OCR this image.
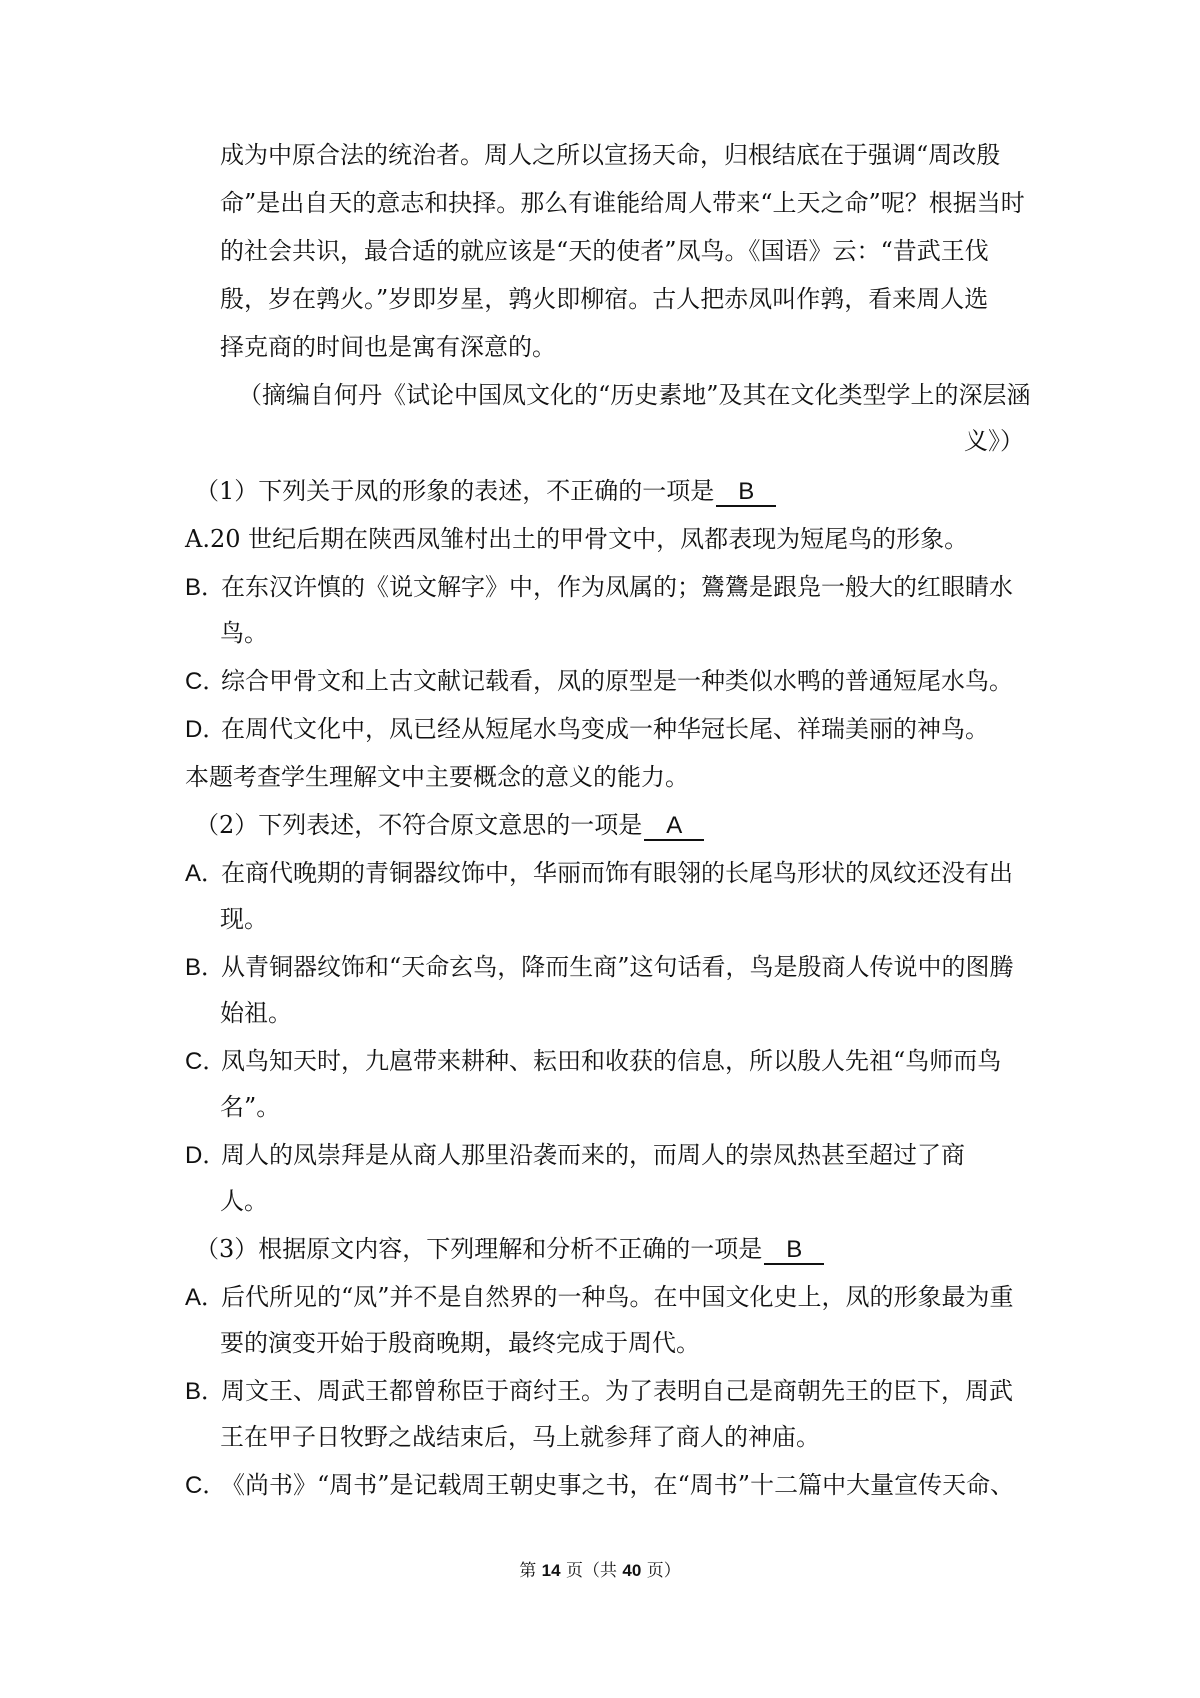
成为中原合法的统治者。周人之所以宣扬天命，归根结底在于强调“周改殷
命”是出自天的意志和抉择。那么有谁能给周人带来“上天之命”呢？根据当时
的社会共识，最合适的就应该是“天的使者”凤鸟。《国语》云：“昔武王伐
殷，岁在鹑火。”岁即岁星，鹑火即柳宿。古人把赤凤叫作鹑，看来周人选
择克商的时间也是寓有深意的。
（摘编自何丹《试论中国凤文化的“历史素地”及其在文化类型学上的深层涵
义》）
（1）下列关于凤的形象的表述，不正确的一项是 B
A.20 世纪后期在陕西凤雏村出土的甲骨文中，凤都表现为短尾鸟的形象。
B．在东汉许慎的《说文解字》中，作为凤属的；鷟鷟是跟凫一般大的红眼睛水
鸟。
C．综合甲骨文和上古文献记载看，凤的原型是一种类似水鸭的普通短尾水鸟。
D．在周代文化中，凤已经从短尾水鸟变成一种华冠长尾、祥瑞美丽的神鸟。
本题考查学生理解文中主要概念的意义的能力。
（2）下列表述，不符合原文意思的一项是 A
A．在商代晚期的青铜器纹饰中，华丽而饰有眼翎的长尾鸟形状的凤纹还没有出
现。
B．从青铜器纹饰和“天命玄鸟，降而生商”这句话看，鸟是殷商人传说中的图腾
始祖。
C．凤鸟知天时，九扈带来耕种、耘田和收获的信息，所以殷人先祖“鸟师而鸟
名”。
D．周人的凤崇拜是从商人那里沿袭而来的，而周人的崇凤热甚至超过了商
人。
（3）根据原文内容，下列理解和分析不正确的一项是 B
A．后代所见的“凤”并不是自然界的一种鸟。在中国文化史上，凤的形象最为重
要的演变开始于殷商晚期，最终完成于周代。
B．周文王、周武王都曾称臣于商纣王。为了表明自己是商朝先王的臣下，周武
王在甲子日牧野之战结束后，马上就参拜了商人的神庙。
C．《尚书》“周书”是记载周王朝史事之书，在“周书”十二篇中大量宣传天命、
第 14 页（共 40 页）
